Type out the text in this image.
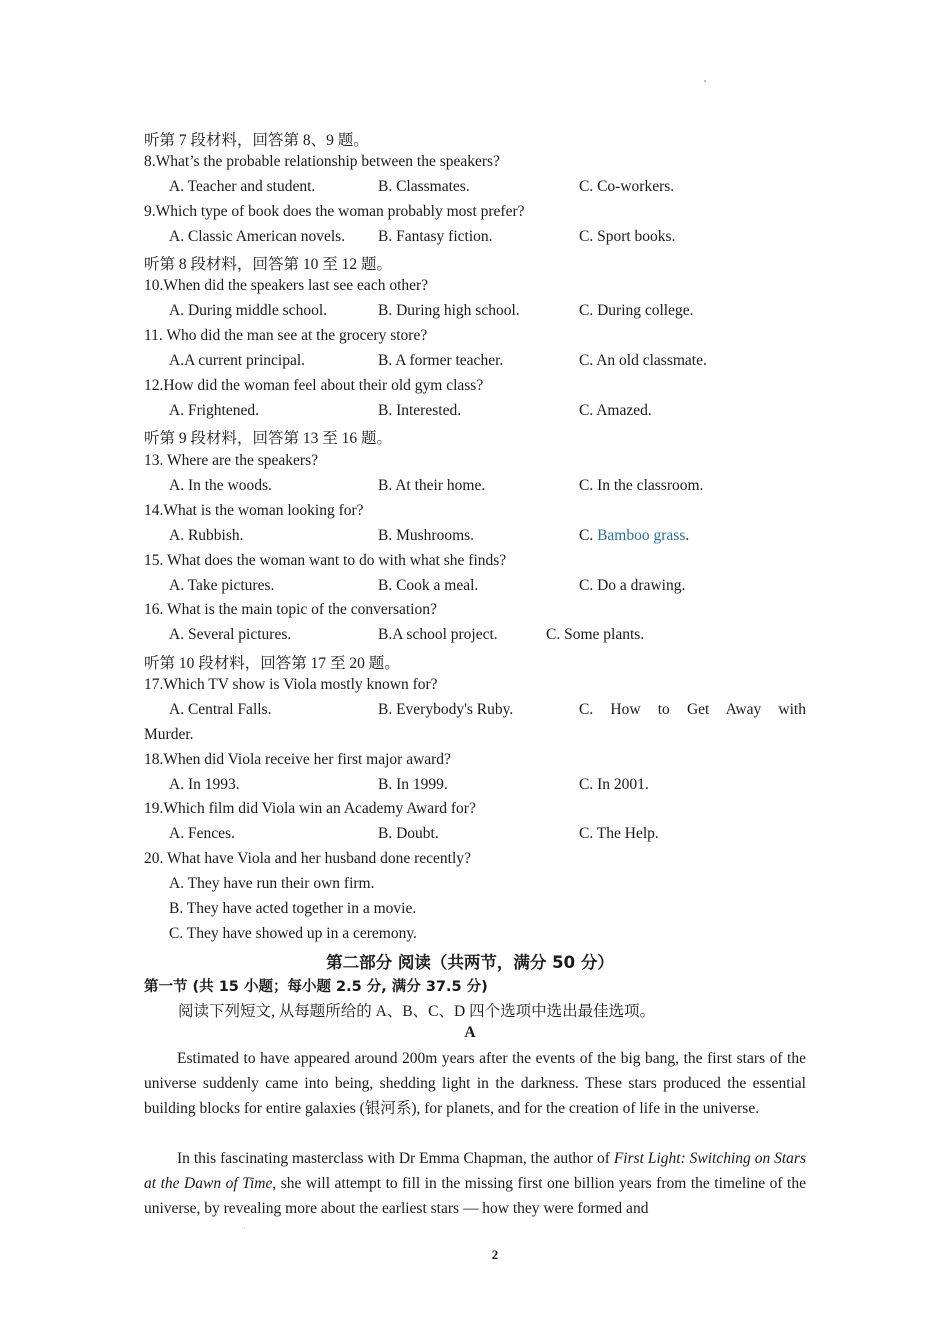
听第 7 段材料，回答第 8、9 题。
8.What’s the probable relationship between the speakers?
A. Teacher and student.	B. Classmates.	C. Co-workers.
9.Which type of book does the woman probably most prefer?
A. Classic American novels. B. Fantasy fiction.	C. Sport books.
听第 8 段材料，回答第 10 至 12 题。
10.When did the speakers last see each other?
A. During middle school.	B. During high school.	C. During college.
11. Who did the man see at the grocery store?
A.A current principal.	B. A former teacher.	C. An old classmate.
12.How did the woman feel about their old gym class?
A. Frightened.	B. Interested.	C. Amazed.
听第 9 段材料，回答第 13 至 16 题。
13. Where are the speakers?
A. In the woods.	B. At their home.	C. In the classroom.
14.What is the woman looking for?
A. Rubbish.	B. Mushrooms.	C. Bamboo grass.
15. What does the woman want to do with what she finds?
A. Take pictures.	B. Cook a meal.	C. Do a drawing.
16. What is the main topic of the conversation?
A. Several pictures.	B.A school project.	C. Some plants.
听第 10 段材料，回答第 17 至 20 题。
17.Which TV show is Viola mostly known for?
A. Central Falls.	B. Everybody's Ruby.	C. How to Get Away with
Murder.
18.When did Viola receive her first major award?
A. In 1993.	B. In 1999.	C. In 2001.
19.Which film did Viola win an Academy Award for?
A. Fences.	B. Doubt.	C. The Help.
20. What have Viola and her husband done recently?
A. They have run their own firm.
B. They have acted together in a movie.
C. They have showed up in a ceremony.
第二部分 阅读（共两节，满分 50 分）
第一节 (共 15 小题；每小题 2.5 分, 满分 37.5 分)
阅读下列短文, 从每题所给的 A、B、C、D 四个选项中选出最佳选项。
A
Estimated to have appeared around 200m years after the events of the big bang, the first stars of the universe suddenly came into being, shedding light in the darkness. These stars produced the essential building blocks for entire galaxies (银河系), for planets, and for the creation of life in the universe.
In this fascinating masterclass with Dr Emma Chapman, the author of First Light: Switching on Stars at the Dawn of Time, she will attempt to fill in the missing first one billion years from the timeline of the universe, by revealing more about the earliest stars — how they were formed and
2
